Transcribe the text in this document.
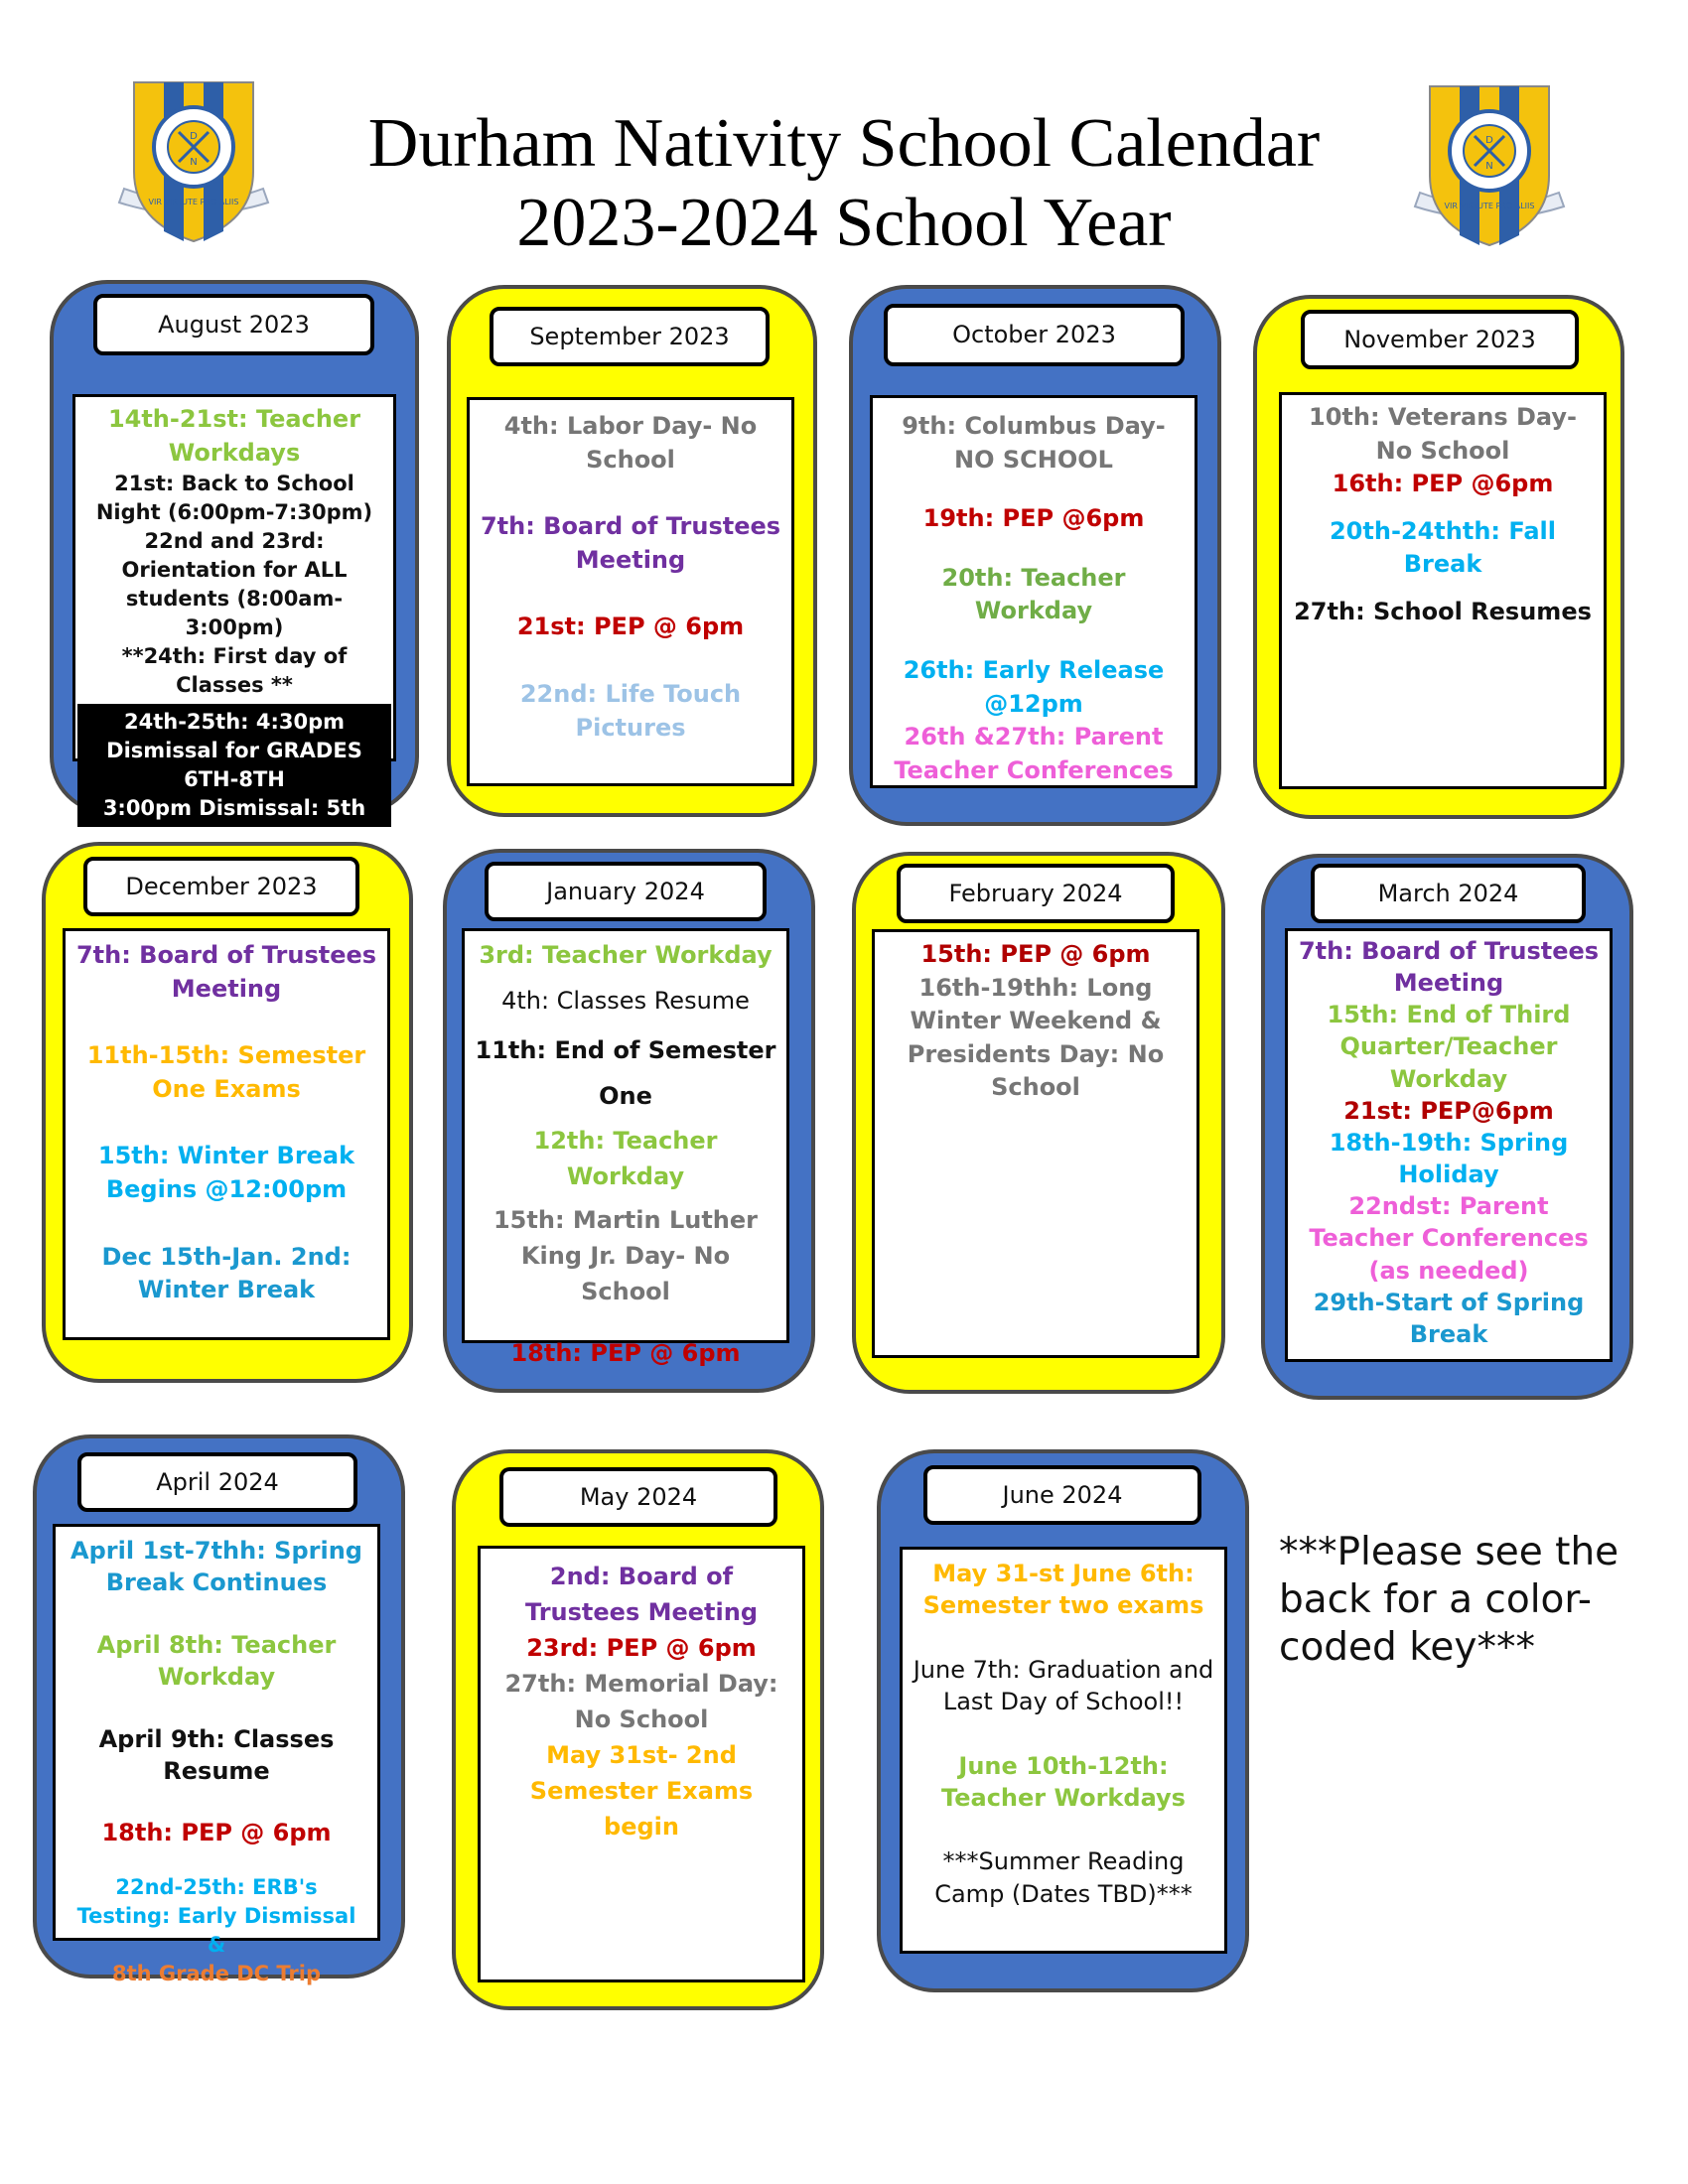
D
N
VIR VIRTUTE PRO ALIIS
D
N
VIR VIRTUTE PRO ALIIS
Durham Nativity School Calendar
2023-2024 School Year
August 2023

14th-21st: Teacher Workdays

21st: Back to School Night (6:00pm-7:30pm)

22nd and 23rd: Orientation for ALL students (8:00am-3:00pm)

**24th: First day of Classes **

24th-25th: 4:30pm Dismissal for GRADES 6TH-8TH
3:00pm Dismissal: 5th
September 2023

4th: Labor Day- No School

7th: Board of Trustees Meeting

21st: PEP @ 6pm

22nd: Life Touch Pictures

October 2023

9th: Columbus Day- NO SCHOOL

19th: PEP @6pm

20th: Teacher Workday

26th: Early Release @12pm

26th &27th: Parent Teacher Conferences

November 2023

10th: Veterans Day- No School

16th: PEP @6pm

20th-24thth: Fall Break

27th: School Resumes

December 2023

7th: Board of Trustees Meeting

11th-15th: Semester One Exams

15th: Winter Break Begins @12:00pm

Dec 15th-Jan. 2nd: Winter Break

January 2024

3rd: Teacher Workday

4th: Classes Resume

11th: End of Semester One

12th: Teacher Workday

15th: Martin Luther King Jr. Day- No School

18th: PEP @ 6pm

February 2024

15th: PEP @ 6pm

16th-19thh: Long Winter Weekend & Presidents Day: No School

March 2024

7th: Board of Trustees Meeting

15th: End of Third Quarter/Teacher Workday

21st: PEP@6pm

18th-19th: Spring Holiday

22ndst: Parent Teacher Conferences (as needed)

29th-Start of Spring Break

April 2024

April 1st-7thh: Spring Break Continues

April 8th: Teacher Workday

April 9th: Classes Resume

18th: PEP @ 6pm

22nd-25th: ERB's Testing: Early Dismissal &

8th Grade DC Trip

May 2024

2nd: Board of Trustees Meeting

23rd: PEP @ 6pm

27th: Memorial Day: No School

May 31st- 2nd Semester Exams begin

June 2024

May 31-st June 6th: Semester two exams

June 7th: Graduation and Last Day of School!!

June 10th-12th: Teacher Workdays

***Summer Reading Camp (Dates TBD)***

***Please see the back for a color-coded key***
